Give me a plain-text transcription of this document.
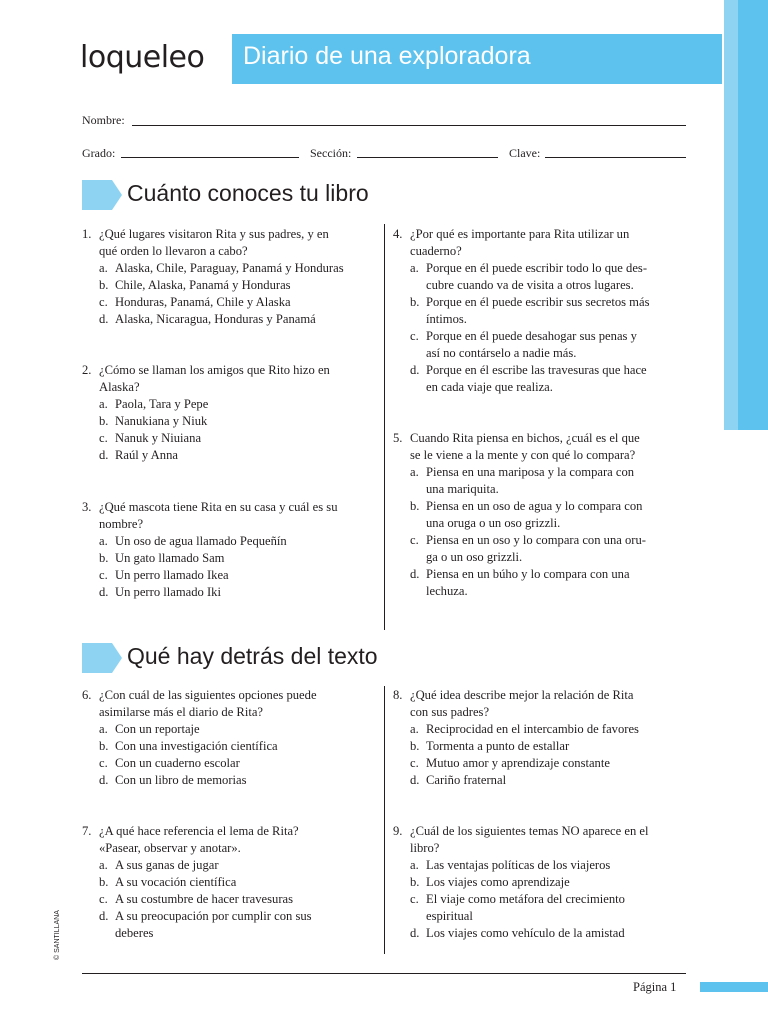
loqueleo Diario de una exploradora
Nombre:
Grado:	Sección:	Clave:
Cuánto conoces tu libro
1. ¿Qué lugares visitaron Rita y sus padres, y en
qué orden lo llevaron a cabo?
a. Alaska, Chile, Paraguay, Panamá y Honduras
b. Chile, Alaska, Panamá y Honduras
c. Honduras, Panamá, Chile y Alaska
d. Alaska, Nicaragua, Honduras y Panamá
2. ¿Cómo se llaman los amigos que Rito hizo en
Alaska?
a. Paola, Tara y Pepe
b. Nanukiana y Niuk
c. Nanuk y Niuiana
d. Raúl y Anna
3. ¿Qué mascota tiene Rita en su casa y cuál es su
nombre?
a. Un oso de agua llamado Pequeñín
b. Un gato llamado Sam
c. Un perro llamado Ikea
d. Un perro llamado Iki
4. ¿Por qué es importante para Rita utilizar un
cuaderno?
a. Porque en él puede escribir todo lo que des-
cubre cuando va de visita a otros lugares.
b. Porque en él puede escribir sus secretos más
íntimos.
c. Porque en él puede desahogar sus penas y
así no contárselo a nadie más.
d. Porque en él escribe las travesuras que hace
en cada viaje que realiza.
5. Cuando Rita piensa en bichos, ¿cuál es el que
se le viene a la mente y con qué lo compara?
a. Piensa en una mariposa y la compara con
una mariquita.
b. Piensa en un oso de agua y lo compara con
una oruga o un oso grizzli.
c. Piensa en un oso y lo compara con una oru-
ga o un oso grizzli.
d. Piensa en un búho y lo compara con una
lechuza.
Qué hay detrás del texto
6. ¿Con cuál de las siguientes opciones puede
asimilarse más el diario de Rita?
a. Con un reportaje
b. Con una investigación científica
c. Con un cuaderno escolar
d. Con un libro de memorias
7. ¿A qué hace referencia el lema de Rita?
«Pasear, observar y anotar».
a. A sus ganas de jugar
b. A su vocación científica
c. A su costumbre de hacer travesuras
d. A su preocupación por cumplir con sus
deberes
8. ¿Qué idea describe mejor la relación de Rita
con sus padres?
a. Reciprocidad en el intercambio de favores
b. Tormenta a punto de estallar
c. Mutuo amor y aprendizaje constante
d. Cariño fraternal
9. ¿Cuál de los siguientes temas NO aparece en el
libro?
a. Las ventajas políticas de los viajeros
b. Los viajes como aprendizaje
c. El viaje como metáfora del crecimiento
espiritual
d. Los viajes como vehículo de la amistad
© SANTILLANA
Página 1
